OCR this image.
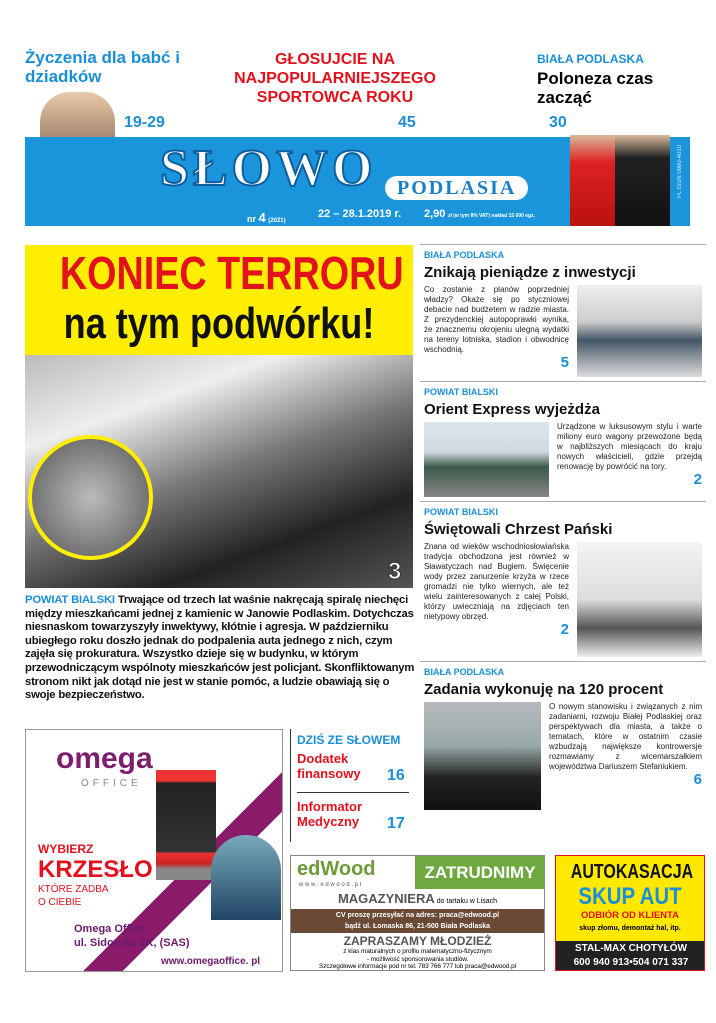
Życzenia dla babć i dziadków
19-29
GŁOSUJCIE NA NAJPOPULARNIEJSZEGO SPORTOWCA ROKU
45
BIAŁA PODLASKA
Poloneza czas zacząć
30
SŁOWO	PODLASIA
nr 4 (2021)
22 – 28.1.2019 r. 2,90 zł (w tym 8% VAT) nakład 15 000 egz.
PL ISSN 0860-4010
KONIEC TERRORU
na tym podwórku!
3
POWIAT BIALSKI Trwające od trzech lat waśnie nakręcają spiralę niechęci między mieszkańcami jednej z kamienic w Janowie Podlaskim. Dotychczas niesnaskom towarzyszyły inwektywy, kłótnie i agresja. W październiku ubiegłego roku doszło jednak do podpalenia auta jednego z nich, czym zajęła się prokuratura. Wszystko dzieje się w budynku, w którym przewodniczącym wspólnoty mieszkańców jest policjant. Skonfliktowanym stronom nikt jak dotąd nie jest w stanie pomóc, a ludzie obawiają się o swoje bezpieczeństwo.
BIAŁA PODLASKA
Znikają pieniądze z inwestycji
Co zostanie z planów poprzedniej władzy? Okaże się po styczniowej debacie nad budżetem w radzie miasta. Z prezydenckiej autopoprawki wynika, że znacznemu okrojeniu ulegną wydatki na tereny lotniska, stadion i obwodnicę wschodnią.
5
POWIAT BIALSKI
Orient Express wyjeżdża
Urządzone w luksusowym stylu i warte miliony euro wagony przewożone będą w najbliższych miesiącach do kraju nowych właścicieli, gdzie przejdą renowację by powrócić na tory.
2
POWIAT BIALSKI
Świętowali Chrzest Pański
Znana od wieków wschodniosłowiańska tradycja obchodzona jest również w Sławatyczach nad Bugiem. Święcenie wody przez zanurzenie krzyża w rzece gromadzi nie tylko wiernych, ale też wielu zainteresowanych z całej Polski, którzy uwieczniają na zdjęciach ten nietypowy obrzęd.
2
BIAŁA PODLASKA
Zadania wykonuję na 120 procent
O nowym stanowisku i związanych z nim zadaniami, rozwoju Białej Podlaskiej oraz perspektywach dla miasta, a także o tematach, które w ostatnim czasie wzbudzają największe kontrowersje rozmawiamy z wicemarszałkiem województwa Dariuszem Stefaniukiem.
6
omega
OFFICE
WYBIERZ
KRZESŁO
KTÓRE ZADBA
O CIEBIE
Omega Office
ul. Sidorska 2K, (SAS)
www.omegaoffice. pl
DZIŚ ZE SŁOWEM
Dodatek finansowy	16
Informator Medyczny	17
edWood
w w w . e d w o o d . p l
ZATRUDNIMY
MAGAZYNIERA do tartaku w Lisach
CV proszę przesyłać na adres: praca@edwood.pl
bądź ul. Łomaska 86, 21-500 Biała Podlaska
ZAPRASZAMY MŁODZIEŻ
z klas maturalnych o profilu matematyczno-fizycznym
- możliwość sponsorowania studiów.
Szczegółowe informacje pod nr tel. 783 766 777 lub praca@edwood.pl
AUTOKASACJA
SKUP AUT
ODBIÓR OD KLIENTA
skup złomu, demontaż hal, itp.
STAL-MAX CHOTYŁÓW
600 940 913•504 071 337
